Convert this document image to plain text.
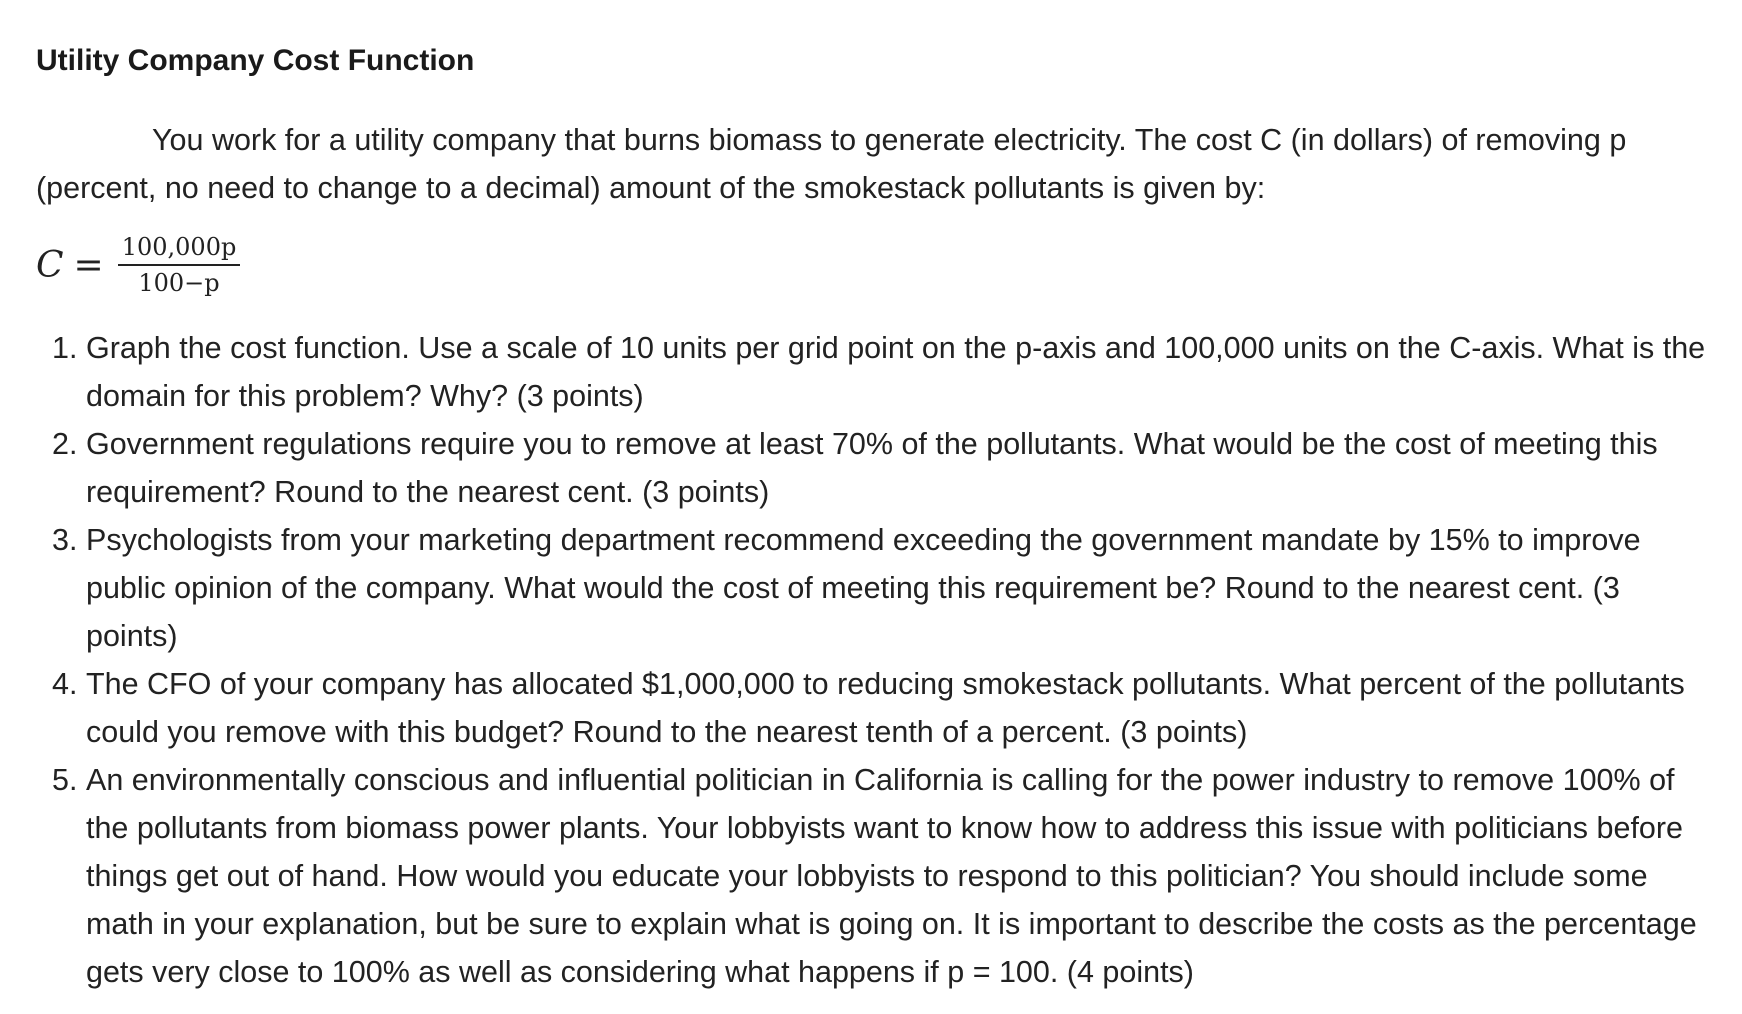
Utility Company Cost Function

You work for a utility company that burns biomass to generate electricity. The cost C (in dollars) of removing p (percent, no need to change to a decimal) amount of the smokestack pollutants is given by:

$C = \frac{100,000p}{100-p}$
1. Graph the cost function. Use a scale of 10 units per grid point on the p-axis and 100,000 units on the C-axis. What is the domain for this problem? Why? (3 points)
2. Government regulations require you to remove at least 70% of the pollutants. What would be the cost of meeting this requirement? Round to the nearest cent. (3 points)
3. Psychologists from your marketing department recommend exceeding the government mandate by 15% to improve public opinion of the company. What would the cost of meeting this requirement be? Round to the nearest cent. (3 points)
4. The CFO of your company has allocated $1,000,000 to reducing smokestack pollutants. What percent of the pollutants could you remove with this budget? Round to the nearest tenth of a percent. (3 points)
5. An environmentally conscious and influential politician in California is calling for the power industry to remove 100% of the pollutants from biomass power plants. Your lobbyists want to know how to address this issue with politicians before things get out of hand. How would you educate your lobbyists to respond to this politician? You should include some math in your explanation, but be sure to explain what is going on. It is important to describe the costs as the percentage gets very close to 100% as well as considering what happens if p = 100. (4 points)
